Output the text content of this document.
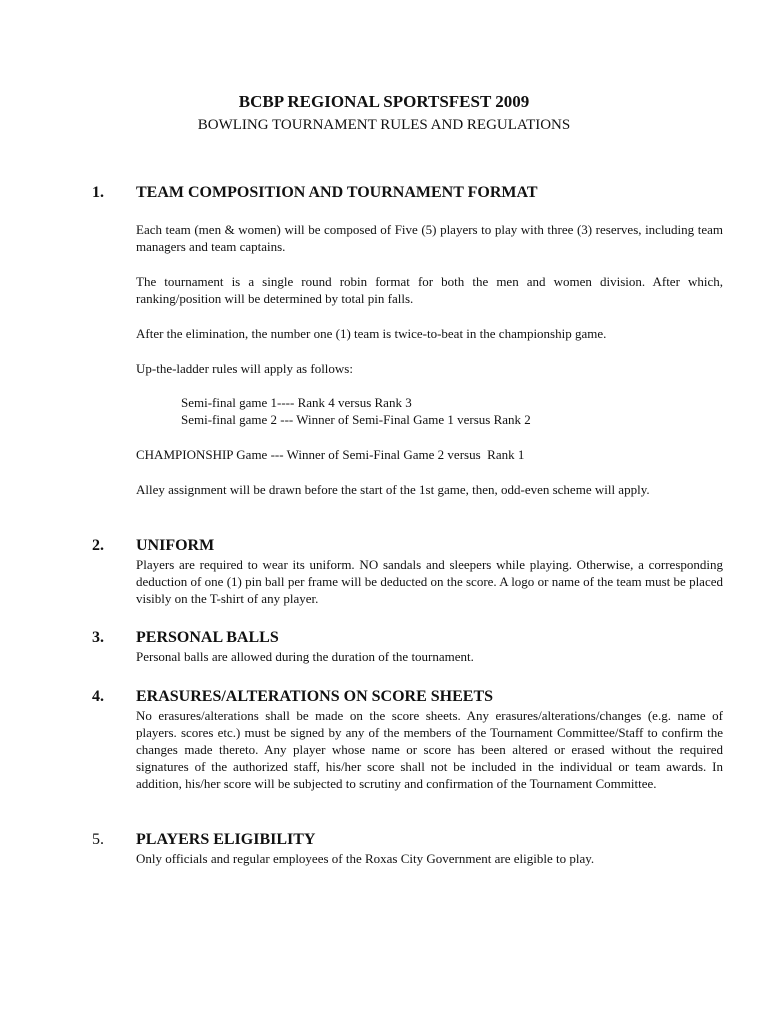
BCBP REGIONAL SPORTSFEST 2009
BOWLING TOURNAMENT RULES AND REGULATIONS
1. TEAM COMPOSITION AND TOURNAMENT FORMAT

Each team (men & women) will be composed of Five (5) players to play with three (3) reserves, including team managers and team captains.

The tournament is a single round robin format for both the men and women division. After which, ranking/position will be determined by total pin falls.

After the elimination, the number one (1) team is twice-to-beat in the championship game.

Up-the-ladder rules will apply as follows:

Semi-final game 1---- Rank 4 versus Rank 3
Semi-final game 2 --- Winner of Semi-Final Game 1 versus Rank 2

CHAMPIONSHIP Game --- Winner of Semi-Final Game 2 versus  Rank 1

Alley assignment will be drawn before the start of the 1st game, then, odd-even scheme will apply.

2. UNIFORM

Players are required to wear its uniform. NO sandals and sleepers while playing. Otherwise, a corresponding deduction of one (1) pin ball per frame will be deducted on the score. A logo or name of the team must be placed visibly on the T-shirt of any player.

3. PERSONAL BALLS

Personal balls are allowed during the duration of the tournament.

4. ERASURES/ALTERATIONS ON SCORE SHEETS

No erasures/alterations shall be made on the score sheets. Any erasures/alterations/changes (e.g. name of players. scores etc.) must be signed by any of the members of the Tournament Committee/Staff to confirm the changes made thereto. Any player whose name or score has been altered or erased without the required signatures of the authorized staff, his/her score shall not be included in the individual or team awards. In addition, his/her score will be subjected to scrutiny and confirmation of the Tournament Committee.

5. PLAYERS ELIGIBILITY

Only officials and regular employees of the Roxas City Government are eligible to play.
